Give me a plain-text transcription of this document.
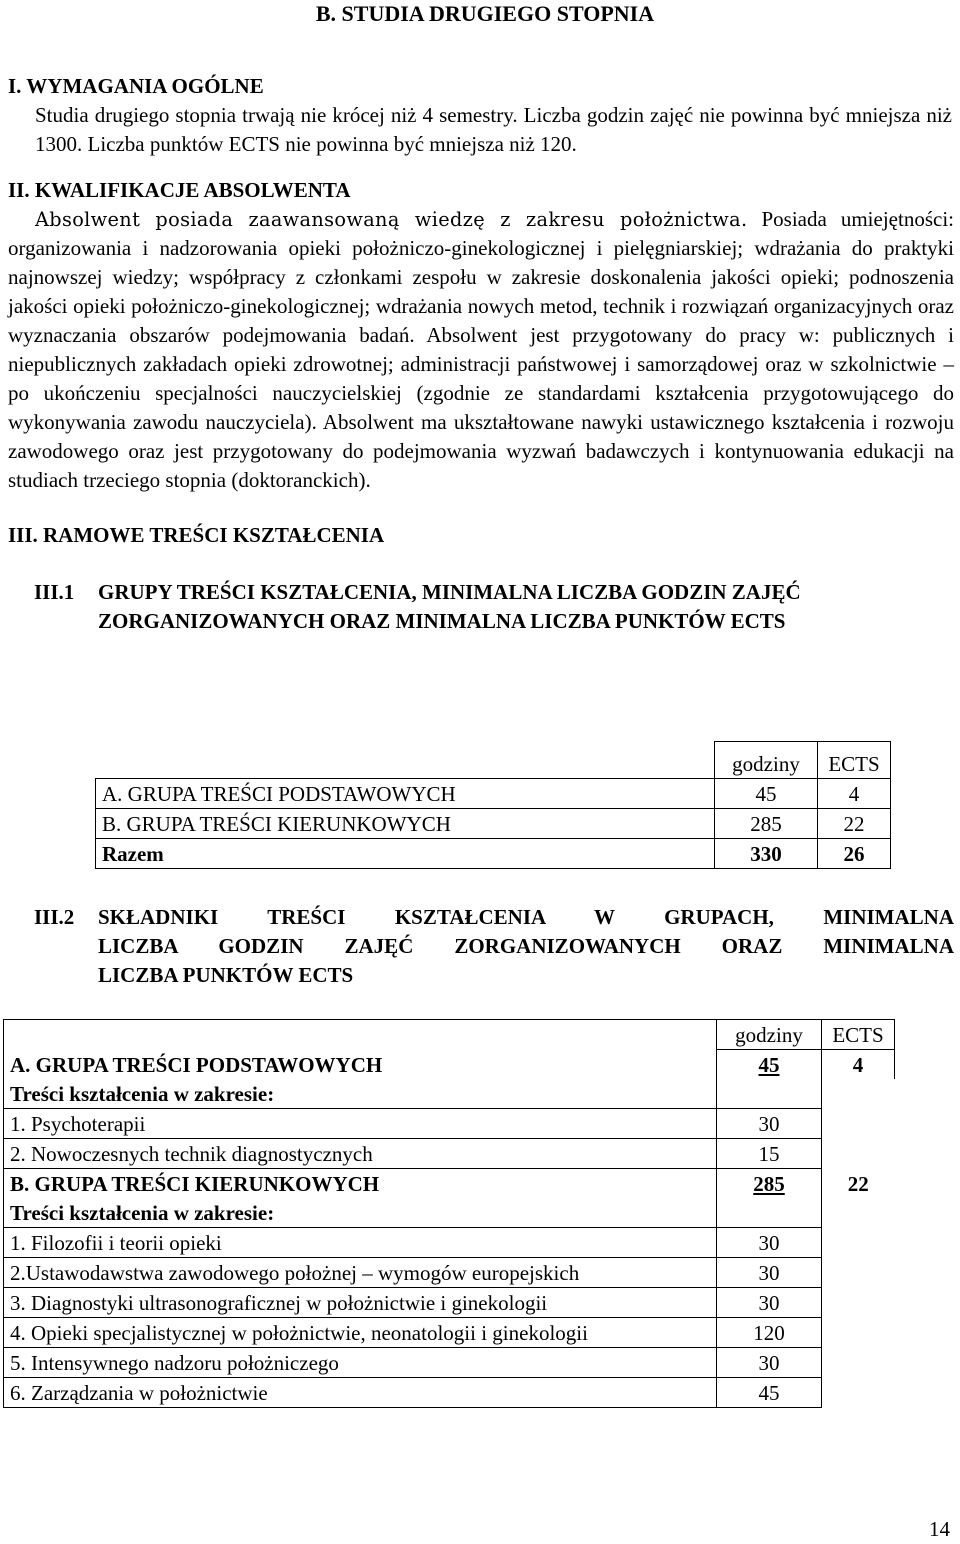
B. STUDIA DRUGIEGO STOPNIA
I. WYMAGANIA OGÓLNE
Studia drugiego stopnia trwają nie krócej niż 4 semestry. Liczba godzin zajęć nie powinna być mniejsza niż 1300. Liczba punktów ECTS nie powinna być mniejsza niż 120.
II. KWALIFIKACJE ABSOLWENTA
Absolwent posiada zaawansowaną wiedzę z zakresu położnictwa. Posiada umiejętności: organizowania i nadzorowania opieki położniczo-ginekologicznej i pielęgniarskiej; wdrażania do praktyki najnowszej wiedzy; współpracy z członkami zespołu w zakresie doskonalenia jakości opieki; podnoszenia jakości opieki położniczo-ginekologicznej; wdrażania nowych metod, technik i rozwiązań organizacyjnych oraz wyznaczania obszarów podejmowania badań. Absolwent jest przygotowany do pracy w: publicznych i niepublicznych zakładach opieki zdrowotnej; administracji państwowej i samorządowej oraz w szkolnictwie – po ukończeniu specjalności nauczycielskiej (zgodnie ze standardami kształcenia przygotowującego do wykonywania zawodu nauczyciela). Absolwent ma ukształtowane nawyki ustawicznego kształcenia i rozwoju zawodowego oraz jest przygotowany do podejmowania wyzwań badawczych i kontynuowania edukacji na studiach trzeciego stopnia (doktoranckich).
III. RAMOWE TREŚCI KSZTAŁCENIA
III.1 GRUPY TREŚCI KSZTAŁCENIA, MINIMALNA LICZBA GODZIN ZAJĘĆ
ZORGANIZOWANYCH ORAZ MINIMALNA LICZBA PUNKTÓW ECTS
III.2 SKŁADNIKI TREŚCI KSZTAŁCENIA W GRUPACH, MINIMALNA
LICZBA GODZIN ZAJĘĆ ZORGANIZOWANYCH ORAZ MINIMALNA
LICZBA PUNKTÓW ECTS
	godziny	ECTS
A. GRUPA TREŚCI PODSTAWOWYCH	45	4
B. GRUPA TREŚCI KIERUNKOWYCH	285	22
Razem	330	26
	godziny	ECTS
A. GRUPA TREŚCI PODSTAWOWYCH	45	4
Treści kształcenia w zakresie:		
1. Psychoterapii	30	
2. Nowoczesnych technik diagnostycznych	15	
B. GRUPA TREŚCI KIERUNKOWYCH	285	22
Treści kształcenia w zakresie:		
1. Filozofii i teorii opieki	30	
2.Ustawodawstwa zawodowego położnej – wymogów europejskich	30	
3. Diagnostyki ultrasonograficznej w położnictwie i ginekologii	30	
4. Opieki specjalistycznej w położnictwie, neonatologii i ginekologii	120	
5. Intensywnego nadzoru położniczego	30	
6. Zarządzania w położnictwie	45	
14
